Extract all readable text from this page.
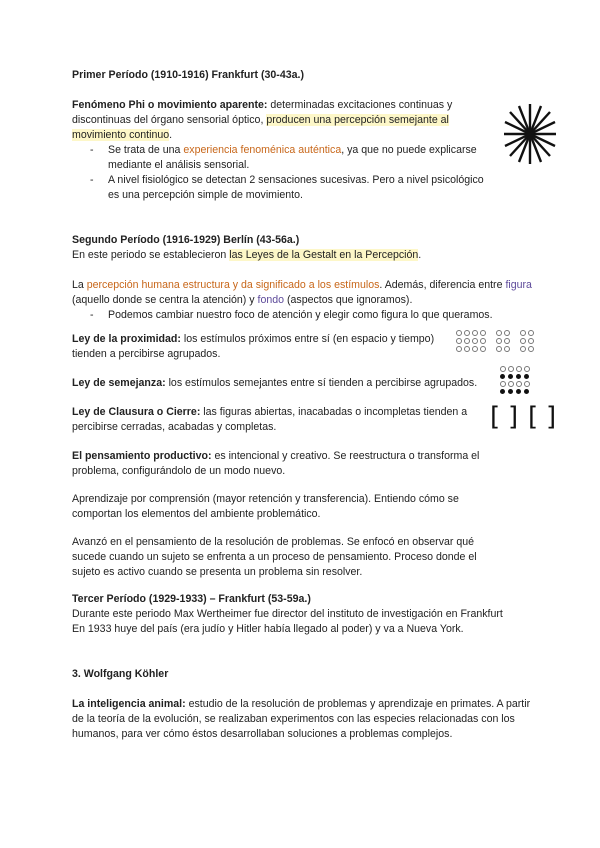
[ ] [ ]

Primer Período (1910-1916) Frankfurt (30-43a.)

Fenómeno Phi o movimiento aparente: determinadas excitaciones continuas y discontinuas del órgano sensorial óptico, producen una percepción semejante al movimiento continuo.

- Se trata de una experiencia fenoménica auténtica, ya que no puede explicarse mediante el análisis sensorial.
- A nivel fisiológico se detectan 2 sensaciones sucesivas. Pero a nivel psicológico es una percepción simple de movimiento.

Segundo Período (1916-1929) Berlín (43-56a.)

En este periodo se establecieron las Leyes de la Gestalt en la Percepción.

La percepción humana estructura y da significado a los estímulos. Además, diferencia entre figura (aquello donde se centra la atención) y fondo (aspectos que ignoramos).

- Podemos cambiar nuestro foco de atención y elegir como figura lo que queramos.

Ley de la proximidad: los estímulos próximos entre sí (en espacio y tiempo) tienden a percibirse agrupados.

Ley de semejanza: los estímulos semejantes entre sí tienden a percibirse agrupados.

Ley de Clausura o Cierre: las figuras abiertas, inacabadas o incompletas tienden a percibirse cerradas, acabadas y completas.

El pensamiento productivo: es intencional y creativo. Se reestructura o transforma el problema, configurándolo de un modo nuevo.

Aprendizaje por comprensión (mayor retención y transferencia). Entiendo cómo se comportan los elementos del ambiente problemático.

Avanzó en el pensamiento de la resolución de problemas. Se enfocó en observar qué sucede cuando un sujeto se enfrenta a un proceso de pensamiento. Proceso donde el sujeto es activo cuando se presenta un problema sin resolver.

Tercer Período (1929-1933) – Frankfurt (53-59a.)

Durante este periodo Max Wertheimer fue director del instituto de investigación en Frankfurt En 1933 huye del país (era judío y Hitler había llegado al poder) y va a Nueva York.

3. Wolfgang Köhler

La inteligencia animal: estudio de la resolución de problemas y aprendizaje en primates. A partir de la teoría de la evolución, se realizaban experimentos con las especies relacionadas con los humanos, para ver cómo éstos desarrollaban soluciones a problemas complejos.
